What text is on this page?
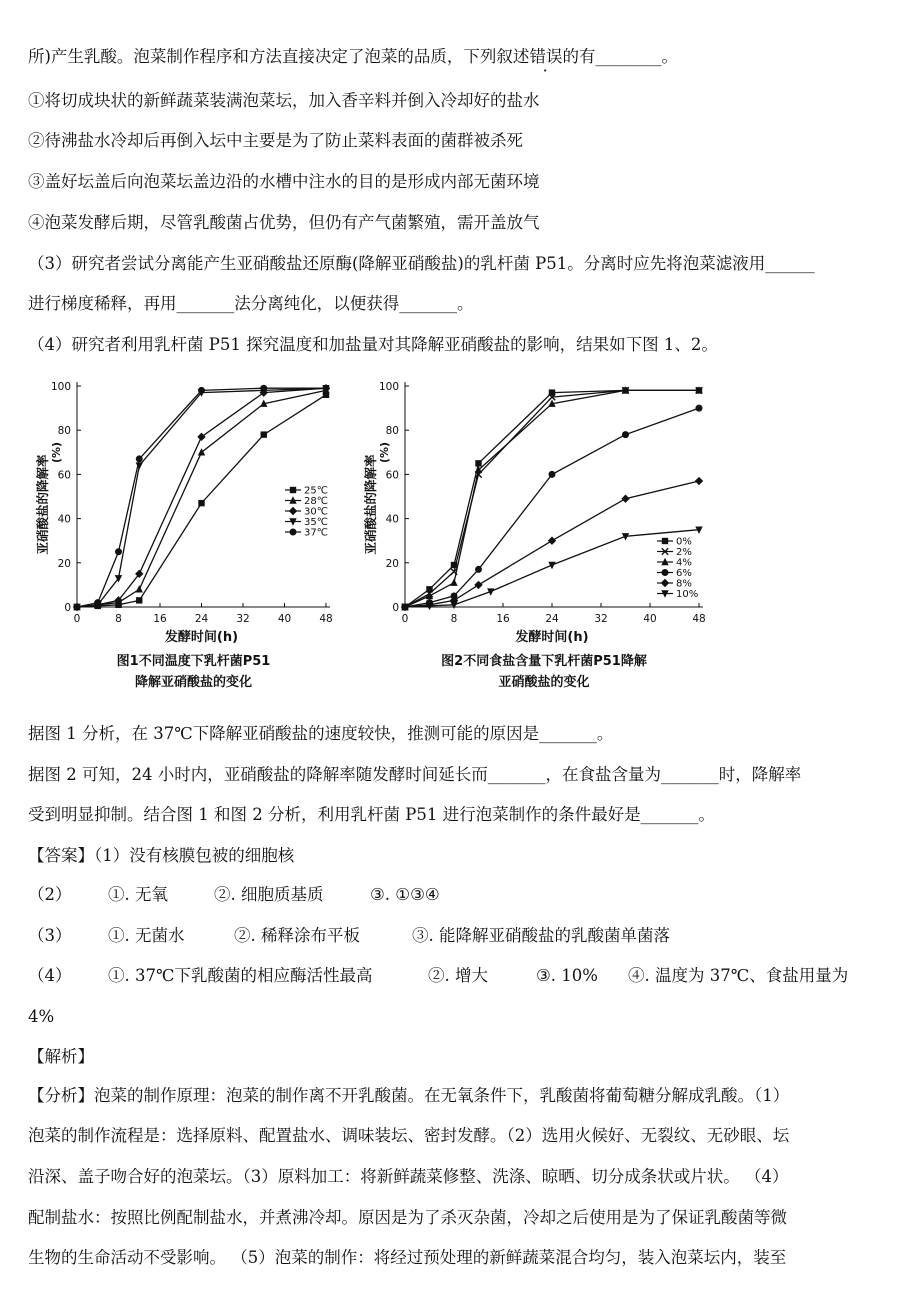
所)产生乳酸。泡菜制作程序和方法直接决定了泡菜的品质，下列叙述错误的有________。
①将切成块状的新鲜蔬菜装满泡菜坛，加入香辛料并倒入冷却好的盐水
②待沸盐水冷却后再倒入坛中主要是为了防止菜料表面的菌群被杀死
③盖好坛盖后向泡菜坛盖边沿的水槽中注水的目的是形成内部无菌环境
④泡菜发酵后期，尽管乳酸菌占优势，但仍有产气菌繁殖，需开盖放气
（3）研究者尝试分离能产生亚硝酸盐还原酶(降解亚硝酸盐)的乳杆菌 P51。分离时应先将泡菜滤液用______
进行梯度稀释，再用_______法分离纯化，以便获得_______。
（4）研究者利用乳杆菌 P51 探究温度和加盐量对其降解亚硝酸盐的影响，结果如下图 1、2。
0
20
40
60
80
100
0	8	16	24	32	40	48
亚硝酸盐的降解率
(%)
发酵时间(h)
图1不同温度下乳杆菌P51
降解亚硝酸盐的变化
25℃
28℃
30℃
35℃
37℃
0
20
40
60
80
100
0	8	16	24	32	40	48
亚硝酸盐的降解率
(%)
发酵时间(h)
图2不同食盐含量下乳杆菌P51降解
亚硝酸盐的变化
0%
2%
4%
6%
8%
10%
据图 1 分析，在 37℃下降解亚硝酸盐的速度较快，推测可能的原因是_______。
据图 2 可知，24 小时内，亚硝酸盐的降解率随发酵时间延长而_______，在食盐含量为_______时，降解率
受到明显抑制。结合图 1 和图 2 分析，利用乳杆菌 P51 进行泡菜制作的条件最好是_______。
【答案】（1）没有核膜包被的细胞核
（2） ①. 无氧	②. 细胞质基质	③. ①③④
（3） ①. 无菌水	②. 稀释涂布平板	③. 能降解亚硝酸盐的乳酸菌单菌落
（4） ①. 37℃下乳酸菌的相应酶活性最高	②. 增大	③. 10% ④. 温度为 37℃、食盐用量为
4%
【解析】
【分析】泡菜的制作原理：泡菜的制作离不开乳酸菌。在无氧条件下，乳酸菌将葡萄糖分解成乳酸。（1）
泡菜的制作流程是：选择原料、配置盐水、调味装坛、密封发酵。（2）选用火候好、无裂纹、无砂眼、坛
沿深、盖子吻合好的泡菜坛。（3）原料加工：将新鲜蔬菜修整、洗涤、晾晒、切分成条状或片状。 （4）
配制盐水：按照比例配制盐水，并煮沸冷却。原因是为了杀灭杂菌，冷却之后使用是为了保证乳酸菌等微
生物的生命活动不受影响。 （5）泡菜的制作：将经过预处理的新鲜蔬菜混合均匀，装入泡菜坛内，装至
